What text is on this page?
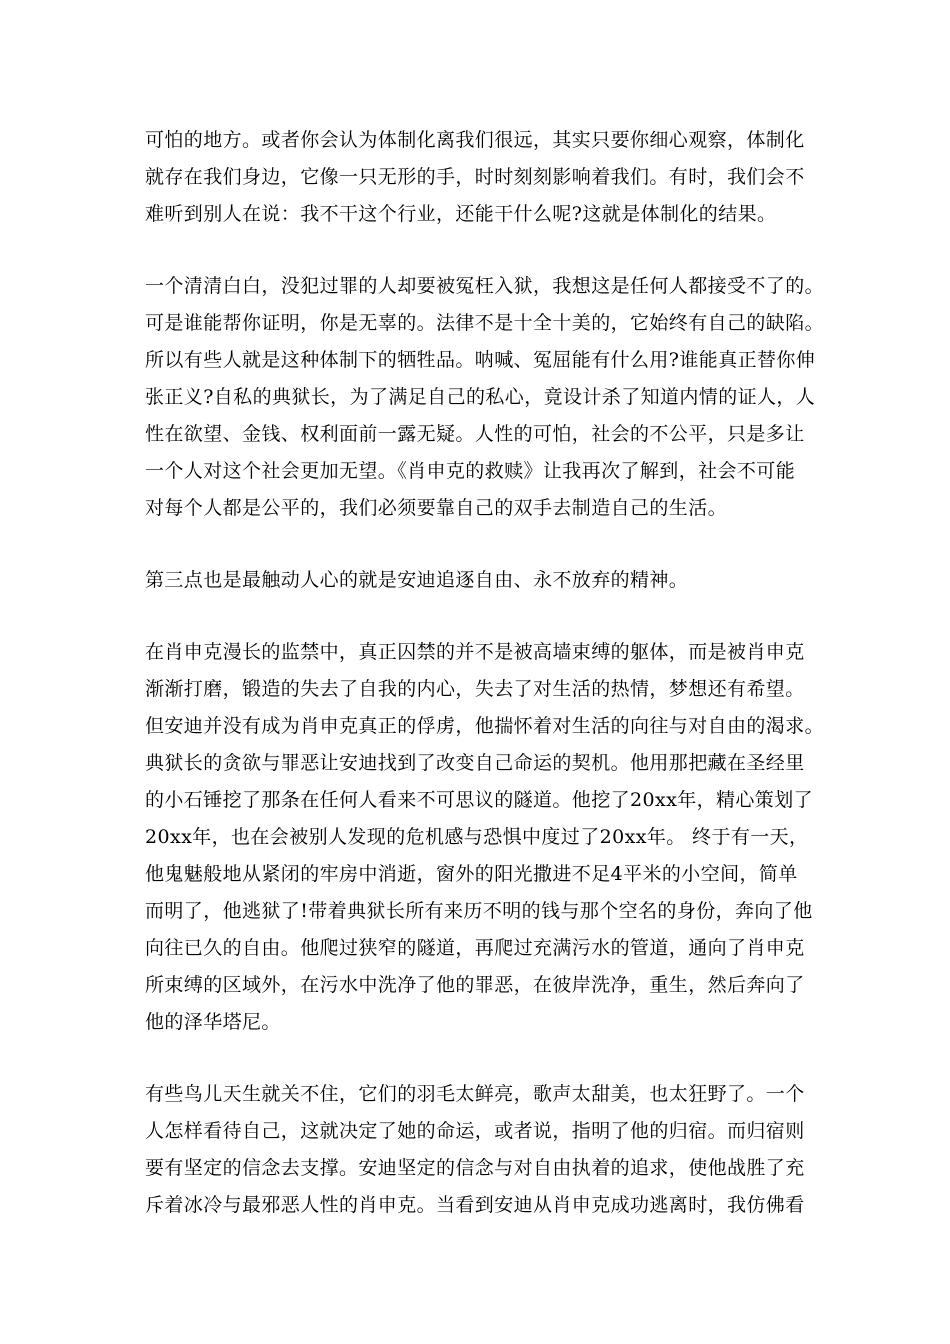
可怕的地方。或者你会认为体制化离我们很远，其实只要你细心观察，体制化
就存在我们身边，它像一只无形的手，时时刻刻影响着我们。有时，我们会不
难听到别人在说：我不干这个行业，还能干什么呢?这就是体制化的结果。
一个清清白白，没犯过罪的人却要被冤枉入狱，我想这是任何人都接受不了的。
可是谁能帮你证明，你是无辜的。法律不是十全十美的，它始终有自己的缺陷。
所以有些人就是这种体制下的牺牲品。呐喊、冤屈能有什么用?谁能真正替你伸
张正义?自私的典狱长，为了满足自己的私心，竟设计杀了知道内情的证人，人
性在欲望、金钱、权利面前一露无疑。人性的可怕，社会的不公平，只是多让
一个人对这个社会更加无望。《肖申克的救赎》让我再次了解到，社会不可能
对每个人都是公平的，我们必须要靠自己的双手去制造自己的生活。
第三点也是最触动人心的就是安迪追逐自由、永不放弃的精神。
在肖申克漫长的监禁中，真正囚禁的并不是被高墙束缚的躯体，而是被肖申克
渐渐打磨，锻造的失去了自我的内心，失去了对生活的热情，梦想还有希望。
但安迪并没有成为肖申克真正的俘虏，他揣怀着对生活的向往与对自由的渴求。
典狱长的贪欲与罪恶让安迪找到了改变自己命运的契机。他用那把藏在圣经里
的小石锤挖了那条在任何人看来不可思议的隧道。他挖了20xx年，精心策划了
20xx年，也在会被别人发现的危机感与恐惧中度过了20xx年。 终于有一天，
他鬼魅般地从紧闭的牢房中消逝，窗外的阳光撒进不足4平米的小空间，简单
而明了，他逃狱了!带着典狱长所有来历不明的钱与那个空名的身份，奔向了他
向往已久的自由。他爬过狭窄的隧道，再爬过充满污水的管道，通向了肖申克
所束缚的区域外，在污水中洗净了他的罪恶，在彼岸洗净，重生，然后奔向了
他的泽华塔尼。
有些鸟儿天生就关不住，它们的羽毛太鲜亮，歌声太甜美，也太狂野了。一个
人怎样看待自己，这就决定了她的命运，或者说，指明了他的归宿。而归宿则
要有坚定的信念去支撑。安迪坚定的信念与对自由执着的追求，使他战胜了充
斥着冰冷与最邪恶人性的肖申克。当看到安迪从肖申克成功逃离时，我仿佛看
